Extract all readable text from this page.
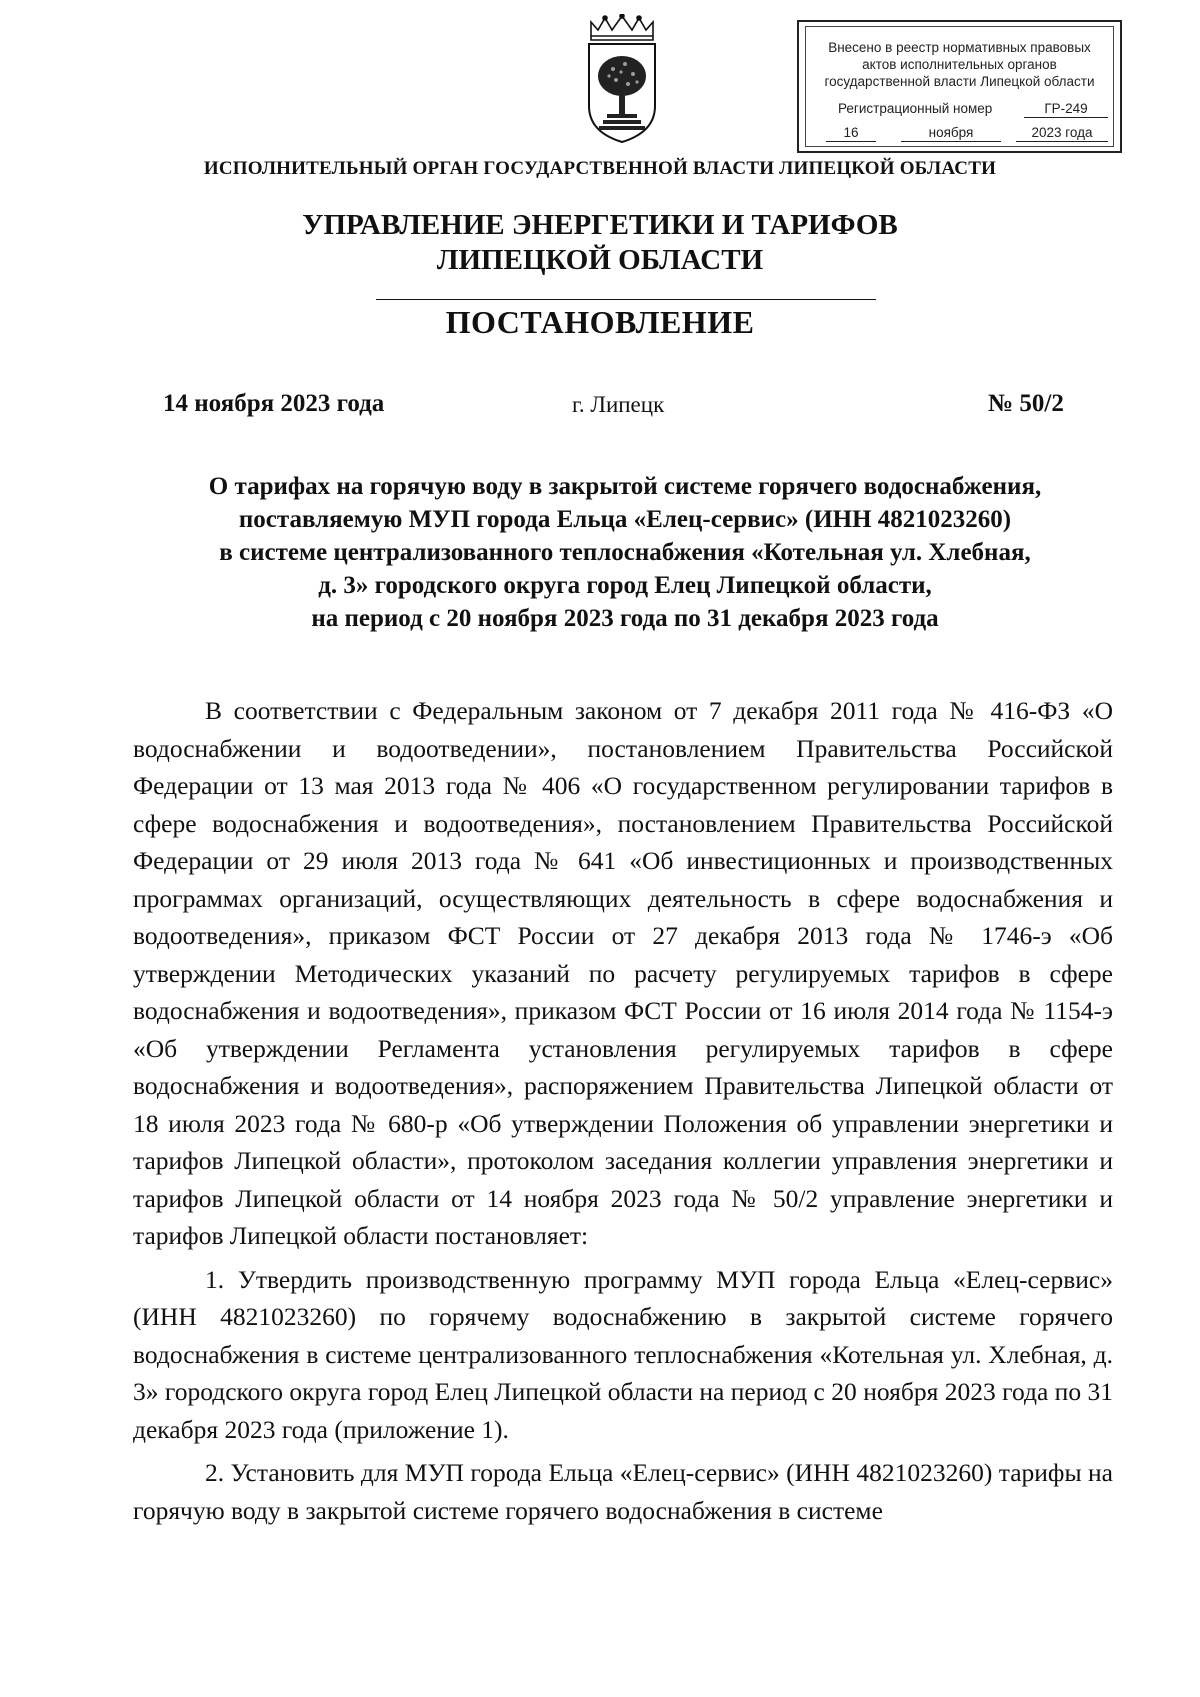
Внесено в реестр нормативных правовых
актов исполнительных органов
государственной власти Липецкой области
Регистрационный номер	ГР-249
16	ноября	2023 года
ИСПОЛНИТЕЛЬНЫЙ ОРГАН ГОСУДАРСТВЕННОЙ ВЛАСТИ ЛИПЕЦКОЙ ОБЛАСТИ
УПРАВЛЕНИЕ ЭНЕРГЕТИКИ И ТАРИФОВ
ЛИПЕЦКОЙ ОБЛАСТИ
ПОСТАНОВЛЕНИЕ
14 ноября 2023 года	г. Липецк	№ 50/2
О тарифах на горячую воду в закрытой системе горячего водоснабжения,
поставляемую МУП города Ельца «Елец-сервис» (ИНН 4821023260)
в системе централизованного теплоснабжения «Котельная ул. Хлебная,
д. 3» городского округа город Елец Липецкой области,
на период с 20 ноября 2023 года по 31 декабря 2023 года

В соответствии с Федеральным законом от 7 декабря 2011 года № 416-ФЗ «О водоснабжении и водоотведении», постановлением Правительства Российской Федерации от 13 мая 2013 года № 406 «О государственном регулировании тарифов в сфере водоснабжения и водоотведения», постановлением Правительства Российской Федерации от 29 июля 2013 года № 641 «Об инвестиционных и производственных программах организаций, осуществляющих деятельность в сфере водоснабжения и водоотведения», приказом ФСТ России от 27 декабря 2013 года № 1746-э «Об утверждении Методических указаний по расчету регулируемых тарифов в сфере водоснабжения и водоотведения», приказом ФСТ России от 16 июля 2014 года № 1154-э «Об утверждении Регламента установления регулируемых тарифов в сфере водоснабжения и водоотведения», распоряжением Правительства Липецкой области от 18 июля 2023 года № 680-р «Об утверждении Положения об управлении энергетики и тарифов Липецкой области», протоколом заседания коллегии управления энергетики и тарифов Липецкой области от 14 ноября 2023 года № 50/2 управление энергетики и тарифов Липецкой области постановляет:

1. Утвердить производственную программу МУП города Ельца «Елец-сервис» (ИНН 4821023260) по горячему водоснабжению в закрытой системе горячего водоснабжения в системе централизованного теплоснабжения «Котельная ул. Хлебная, д. 3» городского округа город Елец Липецкой области на период с 20 ноября 2023 года по 31 декабря 2023 года (приложение 1).

2. Установить для МУП города Ельца «Елец-сервис» (ИНН 4821023260) тарифы на горячую воду в закрытой системе горячего водоснабжения в системе
